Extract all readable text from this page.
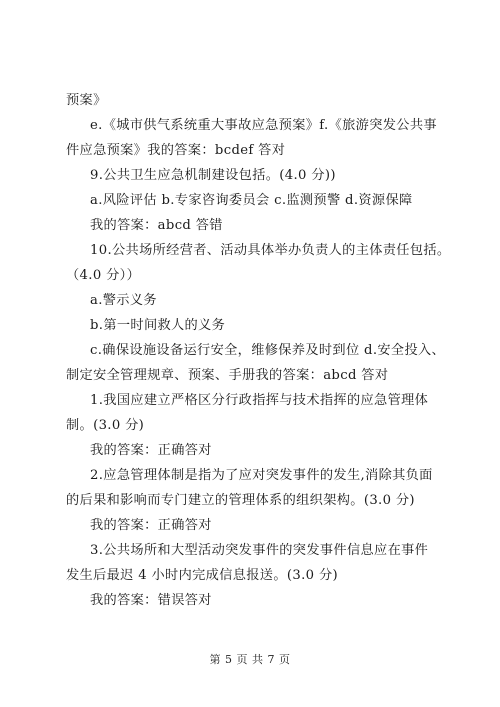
预案》
e.《城市供气系统重大事故应急预案》f.《旅游突发公共事
件应急预案》我的答案：bcdef 答对
9.公共卫生应急机制建设包括。(4.0 分))
a.风险评估 b.专家咨询委员会 c.监测预警 d.资源保障
我的答案：abcd 答错
10.公共场所经营者、活动具体举办负责人的主体责任包括。
（4.0 分））
a.警示义务
b.第一时间救人的义务
c.确保设施设备运行安全，维修保养及时到位 d.安全投入、
制定安全管理规章、预案、手册我的答案：abcd 答对
1.我国应建立严格区分行政指挥与技术指挥的应急管理体
制。(3.0 分)
我的答案：正确答对
2.应急管理体制是指为了应对突发事件的发生,消除其负面
的后果和影响而专门建立的管理体系的组织架构。(3.0 分)
我的答案：正确答对
3.公共场所和大型活动突发事件的突发事件信息应在事件
发生后最迟 4 小时内完成信息报送。(3.0 分)
我的答案：错误答对
第 5 页 共 7 页
